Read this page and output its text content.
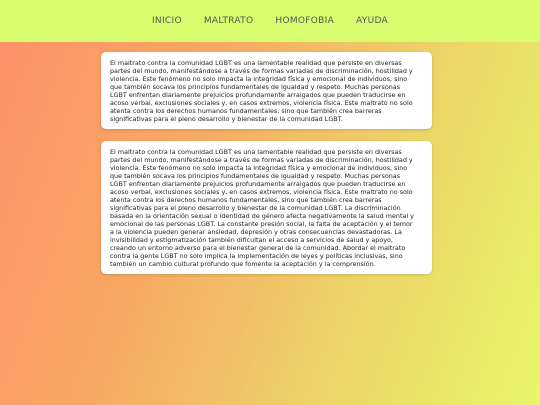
INICIO MALTRATO HOMOFOBIA AYUDA

El maltrato contra la comunidad LGBT es una lamentable realidad que persiste en diversas partes del mundo, manifestándose a través de formas variadas de discriminación, hostilidad y violencia. Este fenómeno no solo impacta la integridad física y emocional de individuos, sino que también socava los principios fundamentales de igualdad y respeto. Muchas personas LGBT enfrentan diariamente prejuicios profundamente arraigados que pueden traducirse en acoso verbal, exclusiones sociales y, en casos extremos, violencia física. Este maltrato no solo atenta contra los derechos humanos fundamentales, sino que también crea barreras significativas para el pleno desarrollo y bienestar de la comunidad LGBT.

El maltrato contra la comunidad LGBT es una lamentable realidad que persiste en diversas partes del mundo, manifestándose a través de formas variadas de discriminación, hostilidad y violencia. Este fenómeno no solo impacta la integridad física y emocional de individuos, sino que también socava los principios fundamentales de igualdad y respeto. Muchas personas LGBT enfrentan diariamente prejuicios profundamente arraigados que pueden traducirse en acoso verbal, exclusiones sociales y, en casos extremos, violencia física. Este maltrato no solo atenta contra los derechos humanos fundamentales, sino que también crea barreras significativas para el pleno desarrollo y bienestar de la comunidad LGBT. La discriminación basada en la orientación sexual o identidad de género afecta negativamente la salud mental y emocional de las personas LGBT. La constante presión social, la falta de aceptación y el temor a la violencia pueden generar ansiedad, depresión y otras consecuencias devastadoras. La invisibilidad y estigmatización también dificultan el acceso a servicios de salud y apoyo, creando un entorno adverso para el bienestar general de la comunidad. Abordar el maltrato contra la gente LGBT no solo implica la implementación de leyes y políticas inclusivas, sino también un cambio cultural profundo que fomente la aceptación y la comprensión.
